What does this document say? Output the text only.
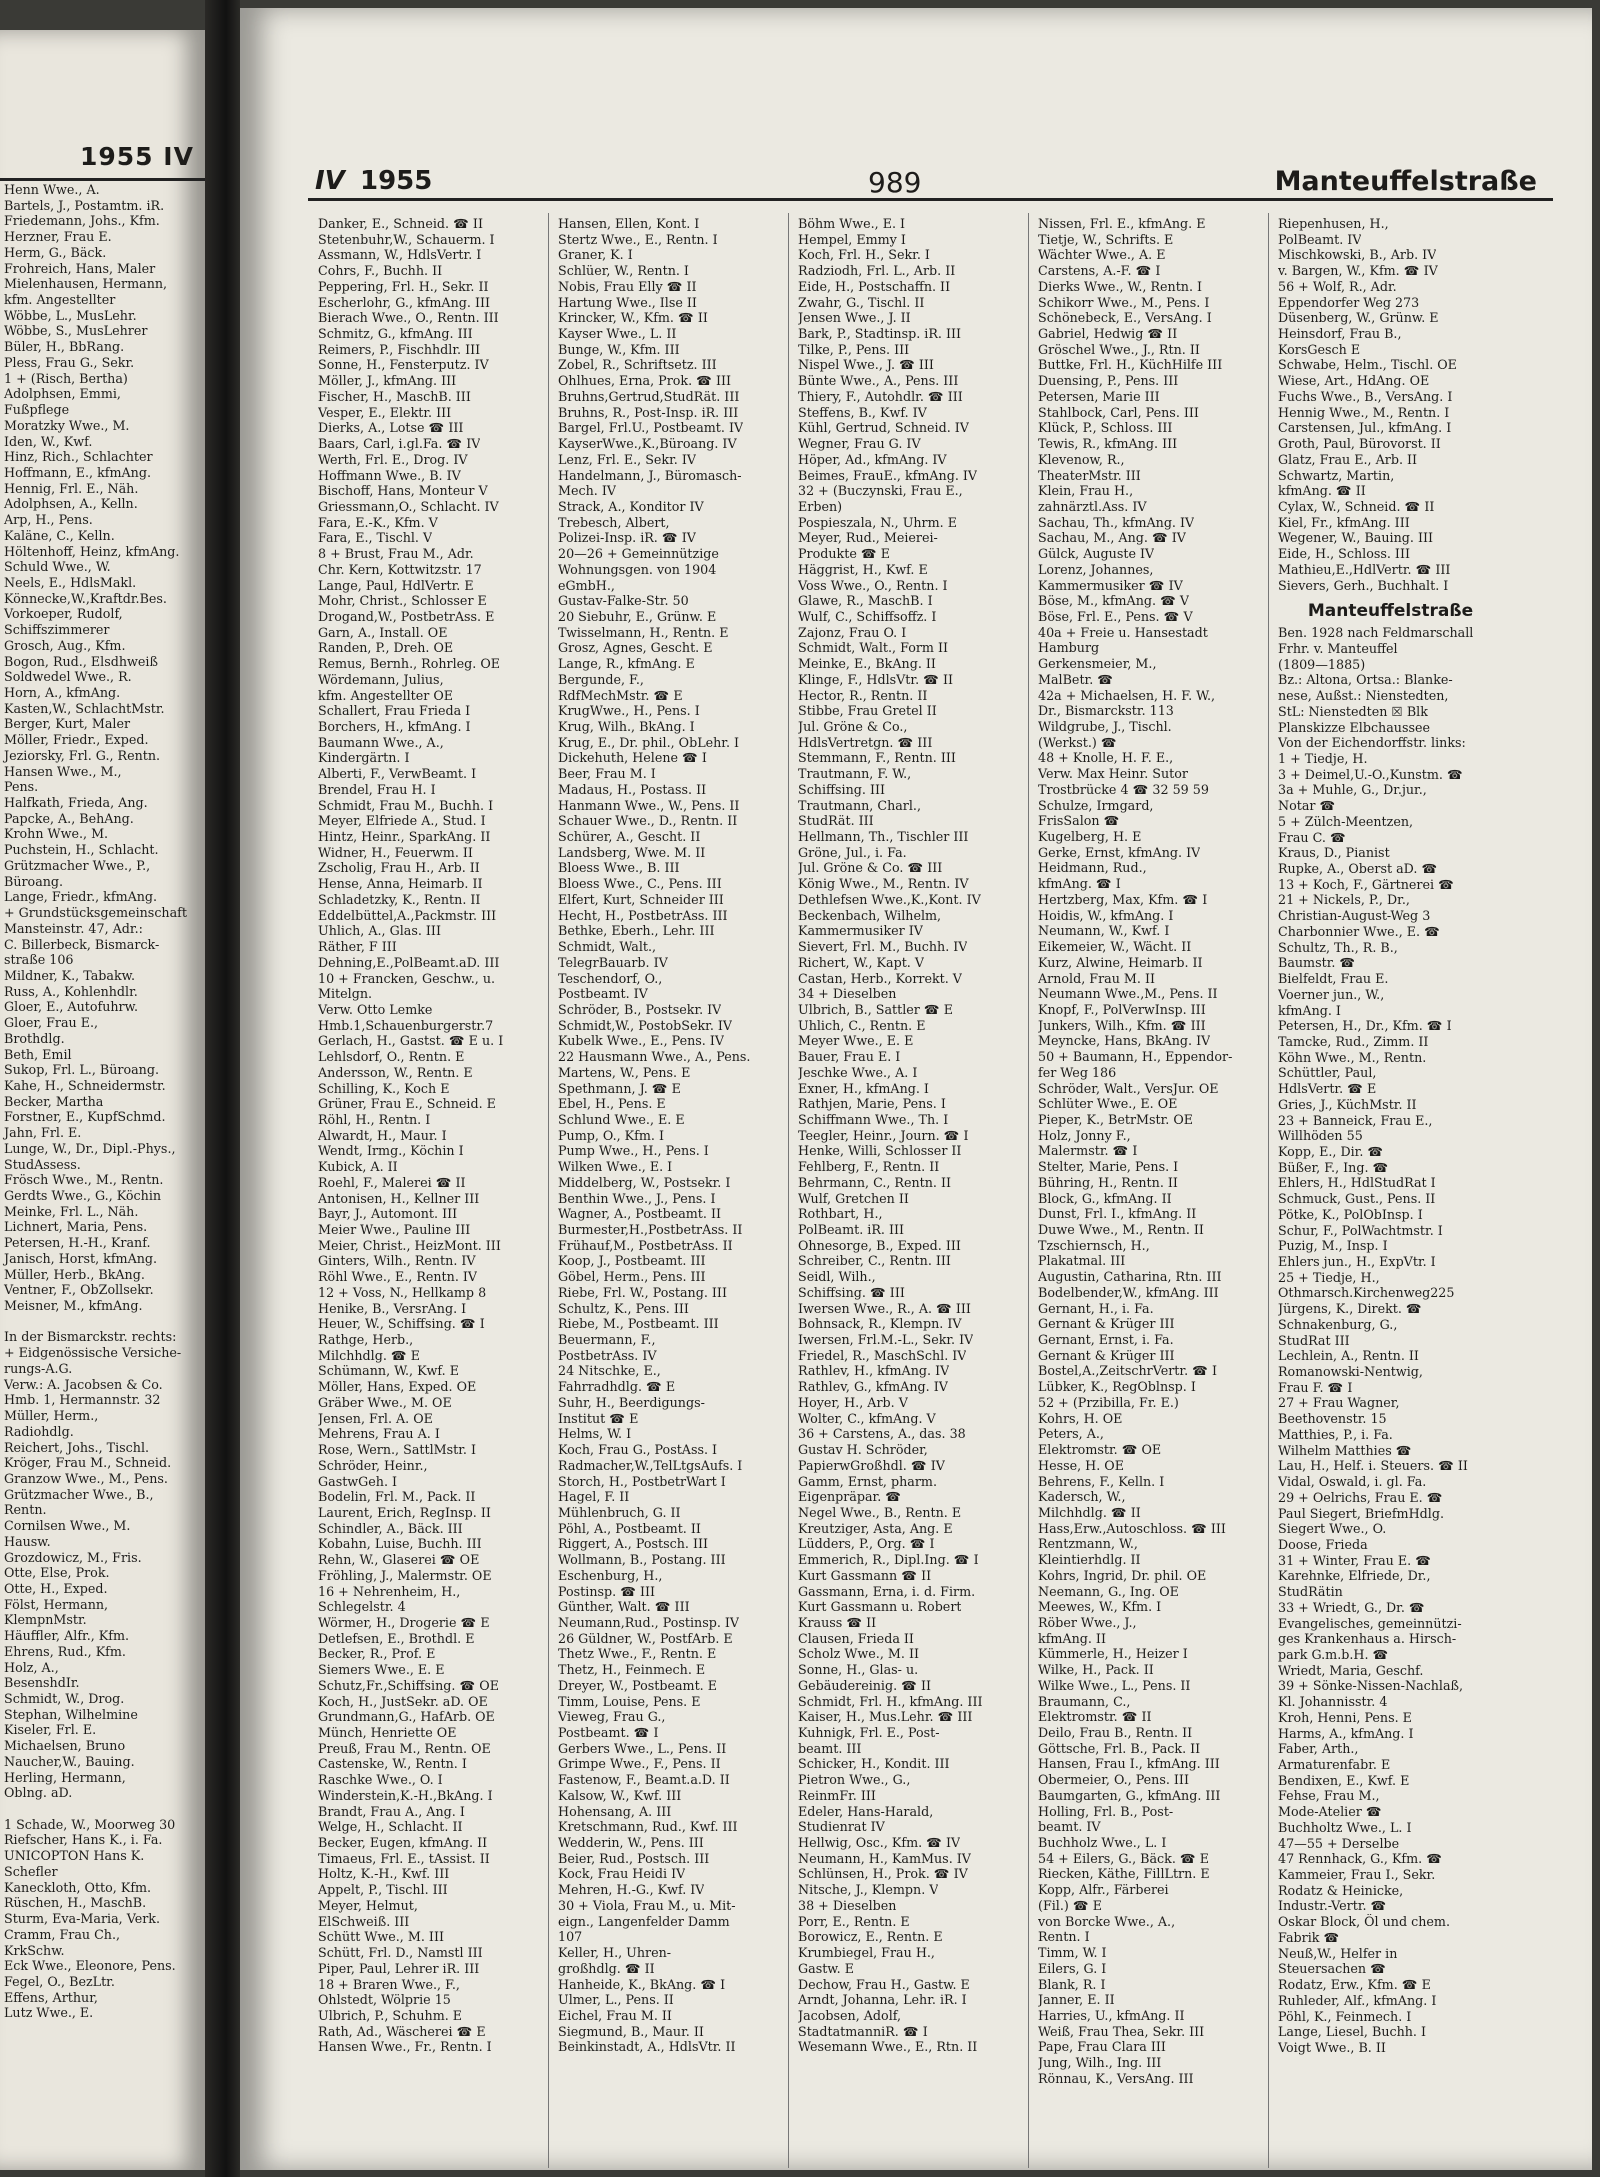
1955 IV
Henn Wwe., A.
Bartels, J., Postamtm. iR.
Friedemann, Johs., Kfm.
Herzner, Frau E.
Herm, G., Bäck.
Frohreich, Hans, Maler
Mielenhausen, Hermann,
kfm. Angestellter
Wöbbe, L., MusLehr.
Wöbbe, S., MusLehrer
Büler, H., BbRang.
Pless, Frau G., Sekr.
1 + (Risch, Bertha)
Adolphsen, Emmi,
Fußpflege
Moratzky Wwe., M.
Iden, W., Kwf.
Hinz, Rich., Schlachter
Hoffmann, E., kfmAng.
Hennig, Frl. E., Näh.
Adolphsen, A., Kelln.
Arp, H., Pens.
Kaläne, C., Kelln.
Höltenhoff, Heinz, kfmAng.
Schuld Wwe., W.
Neels, E., HdlsMakl.
Könnecke,W.,Kraftdr.Bes.
Vorkoeper, Rudolf,
Schiffszimmerer
Grosch, Aug., Kfm.
Bogon, Rud., Elsdhweiß
Soldwedel Wwe., R.
Horn, A., kfmAng.
Kasten,W., SchlachtMstr.
Berger, Kurt, Maler
Möller, Friedr., Exped.
Jeziorsky, Frl. G., Rentn.
Hansen Wwe., M.,
Pens.
Halfkath, Frieda, Ang.
Papcke, A., BehAng.
Krohn Wwe., M.
Puchstein, H., Schlacht.
Grützmacher Wwe., P.,
Büroang.
Lange, Friedr., kfmAng.
+ Grundstücksgemeinschaft
Mansteinstr. 47, Adr.:
C. Billerbeck, Bismarck-
straße 106
Mildner, K., Tabakw.
Russ, A., Kohlenhdlr.
Gloer, E., Autofuhrw.
Gloer, Frau E.,
Brothdlg.
Beth, Emil
Sukop, Frl. L., Büroang.
Kahe, H., Schneidermstr.
Becker, Martha
Forstner, E., KupfSchmd.
Jahn, Frl. E.
Lunge, W., Dr., Dipl.-Phys.,
StudAssess.
Frösch Wwe., M., Rentn.
Gerdts Wwe., G., Köchin
Meinke, Frl. L., Näh.
Lichnert, Maria, Pens.
Petersen, H.-H., Kranf.
Janisch, Horst, kfmAng.
Müller, Herb., BkAng.
Ventner, F., ObZollsekr.
Meisner, M., kfmAng.
In der Bismarckstr. rechts:
+ Eidgenössische Versiche-
rungs-A.G.
Verw.: A. Jacobsen & Co.
Hmb. 1, Hermannstr. 32
Müller, Herm.,
Radiohdlg.
Reichert, Johs., Tischl.
Kröger, Frau M., Schneid.
Granzow Wwe., M., Pens.
Grützmacher Wwe., B.,
Rentn.
Cornilsen Wwe., M.
Hausw.
Grozdowicz, M., Fris.
Otte, Else, Prok.
Otte, H., Exped.
Fölst, Hermann,
KlempnMstr.
Häuffler, Alfr., Kfm.
Ehrens, Rud., Kfm.
Holz, A.,
BesenshdIr.
Schmidt, W., Drog.
Stephan, Wilhelmine
Kiseler, Frl. E.
Michaelsen, Bruno
Naucher,W., Bauing.
Herling, Hermann,
Oblng. aD.
1 Schade, W., Moorweg 30
Riefscher, Hans K., i. Fa.
UNICOPTON Hans K.
Schefler
Kaneckloth, Otto, Kfm.
Rüschen, H., MaschB.
Sturm, Eva-Maria, Verk.
Cramm, Frau Ch.,
KrkSchw.
Eck Wwe., Eleonore, Pens.
Fegel, O., BezLtr.
Effens, Arthur,
Lutz Wwe., E.
IV 1955	989	Manteuffelstraße
Danker, E., Schneid. ☎ II
Stetenbuhr,W., Schauerm. I
Assmann, W., HdlsVertr. I
Cohrs, F., Buchh. II
Peppering, Frl. H., Sekr. II
Escherlohr, G., kfmAng. III
Bierach Wwe., O., Rentn. III
Schmitz, G., kfmAng. III
Reimers, P., Fischhdlr. III
Sonne, H., Fensterputz. IV
Möller, J., kfmAng. III
Fischer, H., MaschB. III
Vesper, E., Elektr. III
Dierks, A., Lotse ☎ III
Baars, Carl, i.gl.Fa. ☎ IV
Werth, Frl. E., Drog. IV
Hoffmann Wwe., B. IV
Bischoff, Hans, Monteur V
Griessmann,O., Schlacht. IV
Fara, E.-K., Kfm. V
Fara, E., Tischl. V
8 + Brust, Frau M., Adr.
Chr. Kern, Kottwitzstr. 17
Lange, Paul, HdlVertr. E
Mohr, Christ., Schlosser E
Drogand,W., PostbetrAss. E
Garn, A., Install. OE
Randen, P., Dreh. OE
Remus, Bernh., Rohrleg. OE
Wördemann, Julius,
kfm. Angestellter OE
Schallert, Frau Frieda I
Borchers, H., kfmAng. I
Baumann Wwe., A.,
Kindergärtn. I
Alberti, F., VerwBeamt. I
Brendel, Frau H. I
Schmidt, Frau M., Buchh. I
Meyer, Elfriede A., Stud. I
Hintz, Heinr., SparkAng. II
Widner, H., Feuerwm. II
Zscholig, Frau H., Arb. II
Hense, Anna, Heimarb. II
Schladetzky, K., Rentn. II
Eddelbüttel,A.,Packmstr. III
Uhlich, A., Glas. III
Räther, F III
Dehning,E.,PolBeamt.aD. III
10 + Francken, Geschw., u.
Mitelgn.
Verw. Otto Lemke
Hmb.1,Schauenburgerstr.7
Gerlach, H., Gastst. ☎ E u. I
Lehlsdorf, O., Rentn. E
Andersson, W., Rentn. E
Schilling, K., Koch E
Grüner, Frau E., Schneid. E
Röhl, H., Rentn. I
Alwardt, H., Maur. I
Wendt, Irmg., Köchin I
Kubick, A. II
Roehl, F., Malerei ☎ II
Antonisen, H., Kellner III
Bayr, J., Automont. III
Meier Wwe., Pauline III
Meier, Christ., HeizMont. III
Ginters, Wilh., Rentn. IV
Röhl Wwe., E., Rentn. IV
12 + Voss, N., Hellkamp 8
Henike, B., VersrAng. I
Heuer, W., Schiffsing. ☎ I
Rathge, Herb.,
Milchhdlg. ☎ E
Schümann, W., Kwf. E
Möller, Hans, Exped. OE
Gräber Wwe., M. OE
Jensen, Frl. A. OE
Mehrens, Frau A. I
Rose, Wern., SattlMstr. I
Schröder, Heinr.,
GastwGeh. I
Bodelin, Frl. M., Pack. II
Laurent, Erich, RegInsp. II
Schindler, A., Bäck. III
Kobahn, Luise, Buchh. III
Rehn, W., Glaserei ☎ OE
Fröhling, J., Malermstr. OE
16 + Nehrenheim, H.,
Schlegelstr. 4
Wörmer, H., Drogerie ☎ E
Detlefsen, E., Brothdl. E
Becker, R., Prof. E
Siemers Wwe., E. E
Schutz,Fr.,Schiffsing. ☎ OE
Koch, H., JustSekr. aD. OE
Grundmann,G., HafArb. OE
Münch, Henriette OE
Preuß, Frau M., Rentn. OE
Castenske, W., Rentn. I
Raschke Wwe., O. I
Winderstein,K.-H.,BkAng. I
Brandt, Frau A., Ang. I
Welge, H., Schlacht. II
Becker, Eugen, kfmAng. II
Timaeus, Frl. E., tAssist. II
Holtz, K.-H., Kwf. III
Appelt, P., Tischl. III
Meyer, Helmut,
ElSchweiß. III
Schütt Wwe., M. III
Schütt, Frl. D., Namstl III
Piper, Paul, Lehrer iR. III
18 + Braren Wwe., F.,
Ohlstedt, Wölprie 15
Ulbrich, P., Schuhm. E
Rath, Ad., Wäscherei ☎ E
Hansen Wwe., Fr., Rentn. I
Hansen, Ellen, Kont. I
Stertz Wwe., E., Rentn. I
Graner, K. I
Schlüer, W., Rentn. I
Nobis, Frau Elly ☎ II
Hartung Wwe., Ilse II
Krincker, W., Kfm. ☎ II
Kayser Wwe., L. II
Bunge, W., Kfm. III
Zobel, R., Schriftsetz. III
Ohlhues, Erna, Prok. ☎ III
Bruhns,Gertrud,StudRät. III
Bruhns, R., Post-Insp. iR. III
Bargel, Frl.U., Postbeamt. IV
KayserWwe.,K.,Büroang. IV
Lenz, Frl. E., Sekr. IV
Handelmann, J., Büromasch-
Mech. IV
Strack, A., Konditor IV
Trebesch, Albert,
Polizei-Insp. iR. ☎ IV
20—26 + Gemeinnützige
Wohnungsgen. von 1904
eGmbH.,
Gustav-Falke-Str. 50
20 Siebuhr, E., Grünw. E
Twisselmann, H., Rentn. E
Grosz, Agnes, Gescht. E
Lange, R., kfmAng. E
Bergunde, F.,
RdfMechMstr. ☎ E
KrugWwe., H., Pens. I
Krug, Wilh., BkAng. I
Krug, E., Dr. phil., ObLehr. I
Dickehuth, Helene ☎ I
Beer, Frau M. I
Madaus, H., Postass. II
Hanmann Wwe., W., Pens. II
Schauer Wwe., D., Rentn. II
Schürer, A., Gescht. II
Landsberg, Wwe. M. II
Bloess Wwe., B. III
Bloess Wwe., C., Pens. III
Elfert, Kurt, Schneider III
Hecht, H., PostbetrAss. III
Bethke, Eberh., Lehr. III
Schmidt, Walt.,
TelegrBauarb. IV
Teschendorf, O.,
Postbeamt. IV
Schröder, B., Postsekr. IV
Schmidt,W., PostobSekr. IV
Kubelk Wwe., E., Pens. IV
22 Hausmann Wwe., A., Pens.
Martens, W., Pens. E
Spethmann, J. ☎ E
Ebel, H., Pens. E
Schlund Wwe., E. E
Pump, O., Kfm. I
Pump Wwe., H., Pens. I
Wilken Wwe., E. I
Middelberg, W., Postsekr. I
Benthin Wwe., J., Pens. I
Wagner, A., Postbeamt. II
Burmester,H.,PostbetrAss. II
Frühauf,M., PostbetrAss. II
Koop, J., Postbeamt. III
Göbel, Herm., Pens. III
Riebe, Frl. W., Postang. III
Schultz, K., Pens. III
Riebe, M., Postbeamt. III
Beuermann, F.,
PostbetrAss. IV
24 Nitschke, E.,
Fahrradhdlg. ☎ E
Suhr, H., Beerdigungs-
Institut ☎ E
Helms, W. I
Koch, Frau G., PostAss. I
Radmacher,W.,TelLtgsAufs. I
Storch, H., PostbetrWart I
Hagel, F. II
Mühlenbruch, G. II
Pöhl, A., Postbeamt. II
Riggert, A., Postsch. III
Wollmann, B., Postang. III
Eschenburg, H.,
Postinsp. ☎ III
Günther, Walt. ☎ III
Neumann,Rud., Postinsp. IV
26 Güldner, W., PostfArb. E
Thetz Wwe., F., Rentn. E
Thetz, H., Feinmech. E
Dreyer, W., Postbeamt. E
Timm, Louise, Pens. E
Vieweg, Frau G.,
Postbeamt. ☎ I
Gerbers Wwe., L., Pens. II
Grimpe Wwe., F., Pens. II
Fastenow, F., Beamt.a.D. II
Kalsow, W., Kwf. III
Hohensang, A. III
Kretschmann, Rud., Kwf. III
Wedderin, W., Pens. III
Beier, Rud., Postsch. III
Kock, Frau Heidi IV
Mehren, H.-G., Kwf. IV
30 + Viola, Frau M., u. Mit-
eign., Langenfelder Damm
107
Keller, H., Uhren-
großhdlg. ☎ II
Hanheide, K., BkAng. ☎ I
Ulmer, L., Pens. II
Eichel, Frau M. II
Siegmund, B., Maur. II
Beinkinstadt, A., HdlsVtr. II
Böhm Wwe., E. I
Hempel, Emmy I
Koch, Frl. H., Sekr. I
Radziodh, Frl. L., Arb. II
Eide, H., Postschaffn. II
Zwahr, G., Tischl. II
Jensen Wwe., J. II
Bark, P., Stadtinsp. iR. III
Tilke, P., Pens. III
Nispel Wwe., J. ☎ III
Bünte Wwe., A., Pens. III
Thiery, F., Autohdlr. ☎ III
Steffens, B., Kwf. IV
Kühl, Gertrud, Schneid. IV
Wegner, Frau G. IV
Höper, Ad., kfmAng. IV
Beimes, FrauE., kfmAng. IV
32 + (Buczynski, Frau E.,
Erben)
Pospieszala, N., Uhrm. E
Meyer, Rud., Meierei-
Produkte ☎ E
Häggrist, H., Kwf. E
Voss Wwe., O., Rentn. I
Glawe, R., MaschB. I
Wulf, C., Schiffsoffz. I
Zajonz, Frau O. I
Schmidt, Walt., Form II
Meinke, E., BkAng. II
Klinge, F., HdlsVtr. ☎ II
Hector, R., Rentn. II
Stibbe, Frau Gretel II
Jul. Gröne & Co.,
HdlsVertretgn. ☎ III
Stemmann, F., Rentn. III
Trautmann, F. W.,
Schiffsing. III
Trautmann, Charl.,
StudRät. III
Hellmann, Th., Tischler III
Gröne, Jul., i. Fa.
Jul. Gröne & Co. ☎ III
König Wwe., M., Rentn. IV
Dethlefsen Wwe.,K.,Kont. IV
Beckenbach, Wilhelm,
Kammermusiker IV
Sievert, Frl. M., Buchh. IV
Richert, W., Kapt. V
Castan, Herb., Korrekt. V
34 + Dieselben
Ulbrich, B., Sattler ☎ E
Uhlich, C., Rentn. E
Meyer Wwe., E. E
Bauer, Frau E. I
Jeschke Wwe., A. I
Exner, H., kfmAng. I
Rathjen, Marie, Pens. I
Schiffmann Wwe., Th. I
Teegler, Heinr., Journ. ☎ I
Henke, Willi, Schlosser II
Fehlberg, F., Rentn. II
Behrmann, C., Rentn. II
Wulf, Gretchen II
Rothbart, H.,
PolBeamt. iR. III
Ohnesorge, B., Exped. III
Schreiber, C., Rentn. III
Seidl, Wilh.,
Schiffsing. ☎ III
Iwersen Wwe., R., A. ☎ III
Bohnsack, R., Klempn. IV
Iwersen, Frl.M.-L., Sekr. IV
Friedel, R., MaschSchl. IV
Rathlev, H., kfmAng. IV
Rathlev, G., kfmAng. IV
Hoyer, H., Arb. V
Wolter, C., kfmAng. V
36 + Carstens, A., das. 38
Gustav H. Schröder,
PapierwGroßhdl. ☎ IV
Gamm, Ernst, pharm.
Eigenpräpar. ☎
Negel Wwe., B., Rentn. E
Kreutziger, Asta, Ang. E
Lüdders, P., Org. ☎ I
Emmerich, R., Dipl.Ing. ☎ I
Kurt Gassmann ☎ II
Gassmann, Erna, i. d. Firm.
Kurt Gassmann u. Robert
Krauss ☎ II
Clausen, Frieda II
Scholz Wwe., M. II
Sonne, H., Glas- u.
Gebäudereinig. ☎ II
Schmidt, Frl. H., kfmAng. III
Kaiser, H., Mus.Lehr. ☎ III
Kuhnigk, Frl. E., Post-
beamt. III
Schicker, H., Kondit. III
Pietron Wwe., G.,
ReinmFr. III
Edeler, Hans-Harald,
Studienrat IV
Hellwig, Osc., Kfm. ☎ IV
Neumann, H., KamMus. IV
Schlünsen, H., Prok. ☎ IV
Nitsche, J., Klempn. V
38 + Dieselben
Porr, E., Rentn. E
Borowicz, E., Rentn. E
Krumbiegel, Frau H.,
Gastw. E
Dechow, Frau H., Gastw. E
Arndt, Johanna, Lehr. iR. I
Jacobsen, Adolf,
StadtatmanniR. ☎ I
Wesemann Wwe., E., Rtn. II
Nissen, Frl. E., kfmAng. E
Tietje, W., Schrifts. E
Wächter Wwe., A. E
Carstens, A.-F. ☎ I
Dierks Wwe., W., Rentn. I
Schikorr Wwe., M., Pens. I
Schönebeck, E., VersAng. I
Gabriel, Hedwig ☎ II
Gröschel Wwe., J., Rtn. II
Buttke, Frl. H., KüchHilfe III
Duensing, P., Pens. III
Petersen, Marie III
Stahlbock, Carl, Pens. III
Klück, P., Schloss. III
Tewis, R., kfmAng. III
Klevenow, R.,
TheaterMstr. III
Klein, Frau H.,
zahnärztl.Ass. IV
Sachau, Th., kfmAng. IV
Sachau, M., Ang. ☎ IV
Gülck, Auguste IV
Lorenz, Johannes,
Kammermusiker ☎ IV
Böse, M., kfmAng. ☎ V
Böse, Frl. E., Pens. ☎ V
40a + Freie u. Hansestadt
Hamburg
Gerkensmeier, M.,
MalBetr. ☎
42a + Michaelsen, H. F. W.,
Dr., Bismarckstr. 113
Wildgrube, J., Tischl.
(Werkst.) ☎
48 + Knolle, H. F. E.,
Verw. Max Heinr. Sutor
Trostbrücke 4 ☎ 32 59 59
Schulze, Irmgard,
FrisSalon ☎
Kugelberg, H. E
Gerke, Ernst, kfmAng. IV
Heidmann, Rud.,
kfmAng. ☎ I
Hertzberg, Max, Kfm. ☎ I
Hoidis, W., kfmAng. I
Neumann, W., Kwf. I
Eikemeier, W., Wächt. II
Kurz, Alwine, Heimarb. II
Arnold, Frau M. II
Neumann Wwe.,M., Pens. II
Knopf, F., PolVerwInsp. III
Junkers, Wilh., Kfm. ☎ III
Meyncke, Hans, BkAng. IV
50 + Baumann, H., Eppendor-
fer Weg 186
Schröder, Walt., VersJur. OE
Schlüter Wwe., E. OE
Pieper, K., BetrMstr. OE
Holz, Jonny F.,
Malermstr. ☎ I
Stelter, Marie, Pens. I
Bühring, H., Rentn. II
Block, G., kfmAng. II
Dunst, Frl. I., kfmAng. II
Duwe Wwe., M., Rentn. II
Tzschiernsch, H.,
Plakatmal. III
Augustin, Catharina, Rtn. III
Bodelbender,W., kfmAng. III
Gernant, H., i. Fa.
Gernant & Krüger III
Gernant, Ernst, i. Fa.
Gernant & Krüger III
Bostel,A.,ZeitschrVertr. ☎ I
Lübker, K., RegOblnsp. I
52 + (Przibilla, Fr. E.)
Kohrs, H. OE
Peters, A.,
Elektromstr. ☎ OE
Hesse, H. OE
Behrens, F., Kelln. I
Kadersch, W.,
Milchhdlg. ☎ II
Hass,Erw.,Autoschloss. ☎ III
Rentzmann, W.,
Kleintierhdlg. II
Kohrs, Ingrid, Dr. phil. OE
Neemann, G., Ing. OE
Meewes, W., Kfm. I
Röber Wwe., J.,
kfmAng. II
Kümmerle, H., Heizer I
Wilke, H., Pack. II
Wilke Wwe., L., Pens. II
Braumann, C.,
Elektromstr. ☎ II
Deilo, Frau B., Rentn. II
Göttsche, Frl. B., Pack. II
Hansen, Frau I., kfmAng. III
Obermeier, O., Pens. III
Baumgarten, G., kfmAng. III
Holling, Frl. B., Post-
beamt. IV
Buchholz Wwe., L. I
54 + Eilers, G., Bäck. ☎ E
Riecken, Käthe, FillLtrn. E
Kopp, Alfr., Färberei
(Fil.) ☎ E
von Borcke Wwe., A.,
Rentn. I
Timm, W. I
Eilers, G. I
Blank, R. I
Janner, E. II
Harries, U., kfmAng. II
Weiß, Frau Thea, Sekr. III
Pape, Frau Clara III
Jung, Wilh., Ing. III
Rönnau, K., VersAng. III
Riepenhusen, H.,
PolBeamt. IV
Mischkowski, B., Arb. IV
v. Bargen, W., Kfm. ☎ IV
56 + Wolf, R., Adr.
Eppendorfer Weg 273
Düsenberg, W., Grünw. E
Heinsdorf, Frau B.,
KorsGesch E
Schwabe, Helm., Tischl. OE
Wiese, Art., HdAng. OE
Fuchs Wwe., B., VersAng. I
Hennig Wwe., M., Rentn. I
Carstensen, Jul., kfmAng. I
Groth, Paul, Bürovorst. II
Glatz, Frau E., Arb. II
Schwartz, Martin,
kfmAng. ☎ II
Cylax, W., Schneid. ☎ II
Kiel, Fr., kfmAng. III
Wegener, W., Bauing. III
Eide, H., Schloss. III
Mathieu,E.,HdlVertr. ☎ III
Sievers, Gerh., Buchhalt. I
Manteuffelstraße
Ben. 1928 nach Feldmarschall
Frhr. v. Manteuffel
(1809—1885)
Bz.: Altona, Ortsa.: Blanke-
nese, Außst.: Nienstedten,
StL: Nienstedten ☒ Blk
Planskizze Elbchaussee
Von der Eichendorffstr. links:
1 + Tiedje, H.
3 + Deimel,U.-O.,Kunstm. ☎
3a + Muhle, G., Dr.jur.,
Notar ☎
5 + Zülch-Meentzen,
Frau C. ☎
Kraus, D., Pianist
Rupke, A., Oberst aD. ☎
13 + Koch, F., Gärtnerei ☎
21 + Nickels, P., Dr.,
Christian-August-Weg 3
Charbonnier Wwe., E. ☎
Schultz, Th., R. B.,
Baumstr. ☎
Bielfeldt, Frau E.
Voerner jun., W.,
kfmAng. I
Petersen, H., Dr., Kfm. ☎ I
Tamcke, Rud., Zimm. II
Köhn Wwe., M., Rentn.
Schüttler, Paul,
HdlsVertr. ☎ E
Gries, J., KüchMstr. II
23 + Banneick, Frau E.,
Willhöden 55
Kopp, E., Dir. ☎
Büßer, F., Ing. ☎
Ehlers, H., HdlStudRat I
Schmuck, Gust., Pens. II
Pötke, K., PolObInsp. I
Schur, F., PolWachtmstr. I
Puzig, M., Insp. I
Ehlers jun., H., ExpVtr. I
25 + Tiedje, H.,
Othmarsch.Kirchenweg225
Jürgens, K., Direkt. ☎
Schnakenburg, G.,
StudRat III
Lechlein, A., Rentn. II
Romanowski-Nentwig,
Frau F. ☎ I
27 + Frau Wagner,
Beethovenstr. 15
Matthies, P., i. Fa.
Wilhelm Matthies ☎
Lau, H., Helf. i. Steuers. ☎ II
Vidal, Oswald, i. gl. Fa.
29 + Oelrichs, Frau E. ☎
Paul Siegert, BriefmHdlg.
Siegert Wwe., O.
Doose, Frieda
31 + Winter, Frau E. ☎
Karehnke, Elfriede, Dr.,
StudRätin
33 + Wriedt, G., Dr. ☎
Evangelisches, gemeinnützi-
ges Krankenhaus a. Hirsch-
park G.m.b.H. ☎
Wriedt, Maria, Geschf.
39 + Sönke-Nissen-Nachlaß,
Kl. Johannisstr. 4
Kroh, Henni, Pens. E
Harms, A., kfmAng. I
Faber, Arth.,
Armaturenfabr. E
Bendixen, E., Kwf. E
Fehse, Frau M.,
Mode-Atelier ☎
Buchholtz Wwe., L. I
47—55 + Derselbe
47 Rennhack, G., Kfm. ☎
Kammeier, Frau I., Sekr.
Rodatz & Heinicke,
Industr.-Vertr. ☎
Oskar Block, Öl und chem.
Fabrik ☎
Neuß,W., Helfer in
Steuersachen ☎
Rodatz, Erw., Kfm. ☎ E
Ruhleder, Alf., kfmAng. I
Pöhl, K., Feinmech. I
Lange, Liesel, Buchh. I
Voigt Wwe., B. II
